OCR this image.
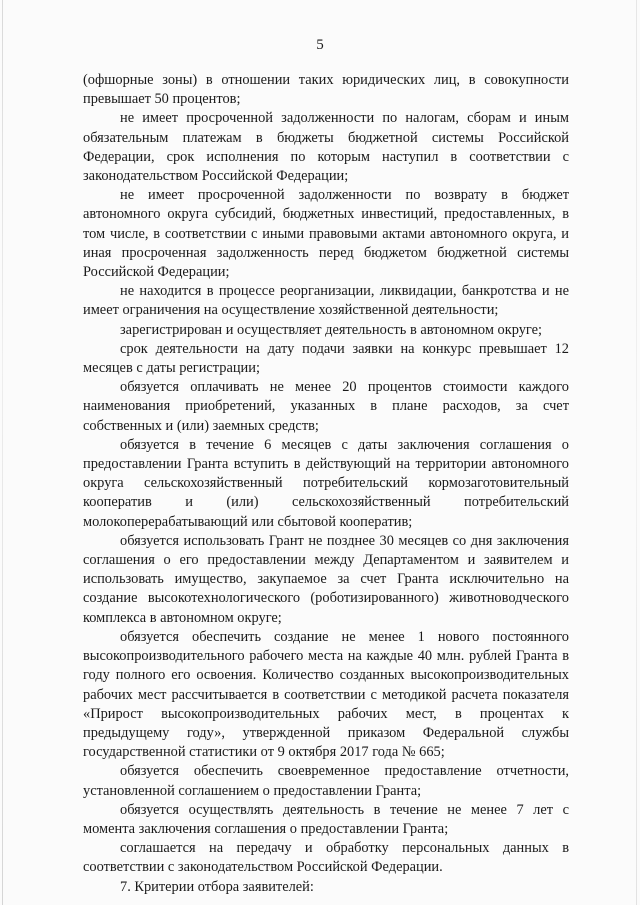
5

(офшорные зоны) в отношении таких юридических лиц, в совокупности превышает 50 процентов;

не имеет просроченной задолженности по налогам, сборам и иным обязательным платежам в бюджеты бюджетной системы Российской Федерации, срок исполнения по которым наступил в соответствии с законодательством Российской Федерации;

не имеет просроченной задолженности по возврату в бюджет автономного округа субсидий, бюджетных инвестиций, предоставленных, в том числе, в соответствии с иными правовыми актами автономного округа, и иная просроченная задолженность перед бюджетом бюджетной системы Российской Федерации;

не находится в процессе реорганизации, ликвидации, банкротства и не имеет ограничения на осуществление хозяйственной деятельности;

зарегистрирован и осуществляет деятельность в автономном округе;

срок деятельности на дату подачи заявки на конкурс превышает 12 месяцев с даты регистрации;

обязуется оплачивать не менее 20 процентов стоимости каждого наименования приобретений, указанных в плане расходов, за счет собственных и (или) заемных средств;

обязуется в течение 6 месяцев с даты заключения соглашения о предоставлении Гранта вступить в действующий на территории автономного округа сельскохозяйственный потребительский кормозаготовительный кооператив и (или) сельскохозяйственный потребительский молокоперерабатывающий или сбытовой кооператив;

обязуется использовать Грант не позднее 30 месяцев со дня заключения соглашения о его предоставлении между Департаментом и заявителем и использовать имущество, закупаемое за счет Гранта исключительно на создание высокотехнологического (роботизированного) животноводческого комплекса в автономном округе;

обязуется обеспечить создание не менее 1 нового постоянного высокопроизводительного рабочего места на каждые 40 млн. рублей Гранта в году полного его освоения. Количество созданных высокопроизводительных рабочих мест рассчитывается в соответствии с методикой расчета показателя «Прирост высокопроизводительных рабочих мест, в процентах к предыдущему году», утвержденной приказом Федеральной службы государственной статистики от 9 октября 2017 года № 665;

обязуется обеспечить своевременное предоставление отчетности, установленной соглашением о предоставлении Гранта;

обязуется осуществлять деятельность в течение не менее 7 лет с момента заключения соглашения о предоставлении Гранта;

соглашается на передачу и обработку персональных данных в соответствии с законодательством Российской Федерации.

7. Критерии отбора заявителей:
